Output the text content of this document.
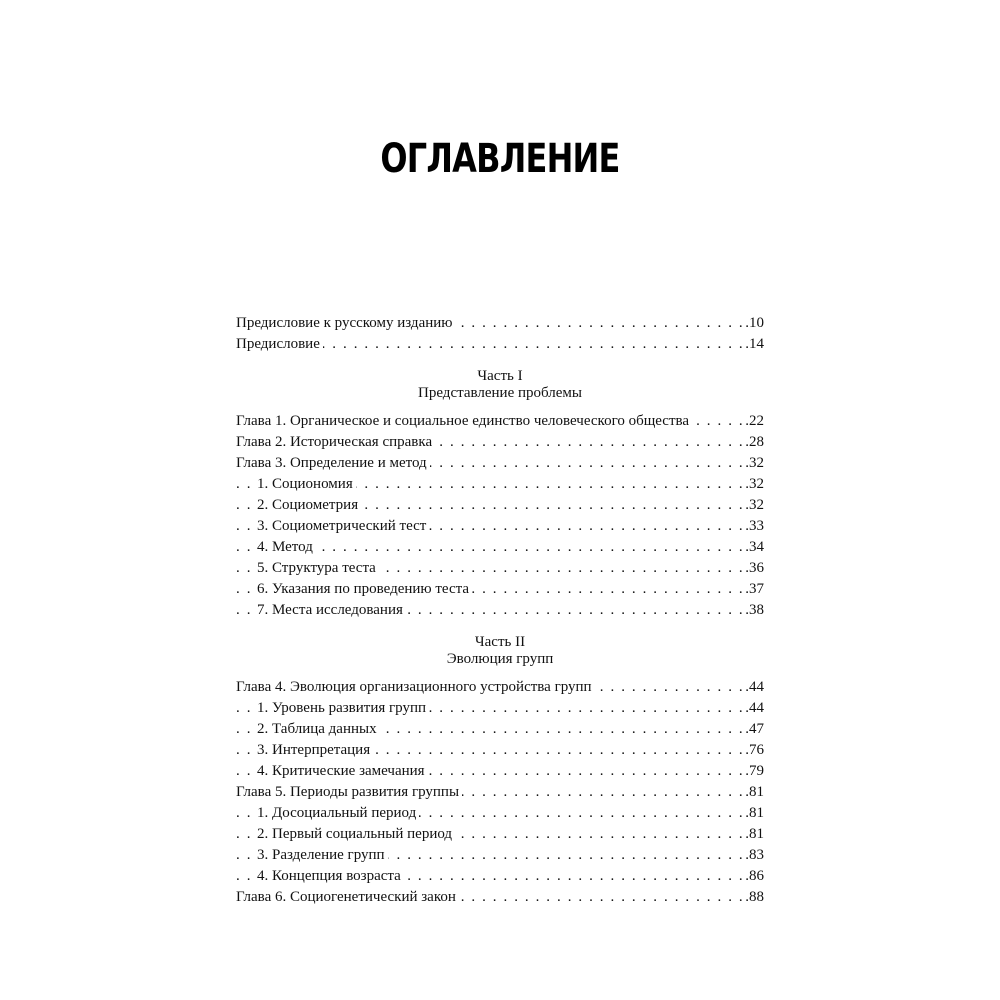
ОГЛАВЛЕНИЕ
Предисловие к русскому изданию	.10
. . .
Предисловие	.14
. . .
Часть I
Представление проблемы
Глава 1. Органическое и социальное единство человеческого общества	.22
. . .
Глава 2. Историческая справка	.28
. . .
Глава 3. Определение и метод	.32
. . .
1. Социономия	.32
. . .
2. Социометрия	.32
. . .
3. Социометрический тест	.33
. . .
4. Метод	.34
. . .
5. Структура теста	.36
. . .
6. Указания по проведению теста	.37
. . .
7. Места исследования	.38
. . .
Часть II
Эволюция групп
Глава 4. Эволюция организационного устройства групп	.44
. . .
1. Уровень развития групп	.44
. . .
2. Таблица данных	.47
. . .
3. Интерпретация	.76
. . .
4. Критические замечания	.79
. . .
Глава 5. Периоды развития группы	.81
. . .
1. Досоциальный период	.81
. . .
2. Первый социальный период	.81
. . .
3. Разделение групп	.83
. . .
4. Концепция возраста	.86
. . .
Глава 6. Социогенетический закон	.88
. . .
